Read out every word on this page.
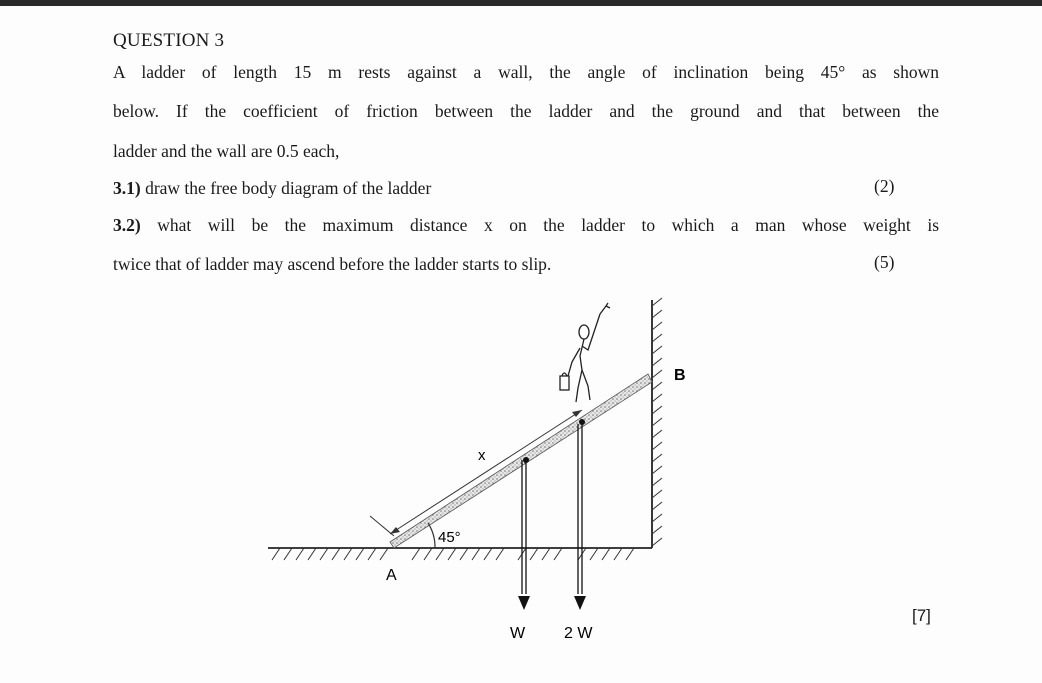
QUESTION 3
A ladder of length 15 m rests against a wall, the angle of inclination being 45° as shown
below. If the coefficient of friction between the ladder and the ground and that between the
ladder and the wall are 0.5 each,
3.1) draw the free body diagram of the ladder	(2)
3.2) what will be the maximum distance x on the ladder to which a man whose weight is
twice that of ladder may ascend before the ladder starts to slip.	(5)
x
45°
A
B
W 2 W
[7]
